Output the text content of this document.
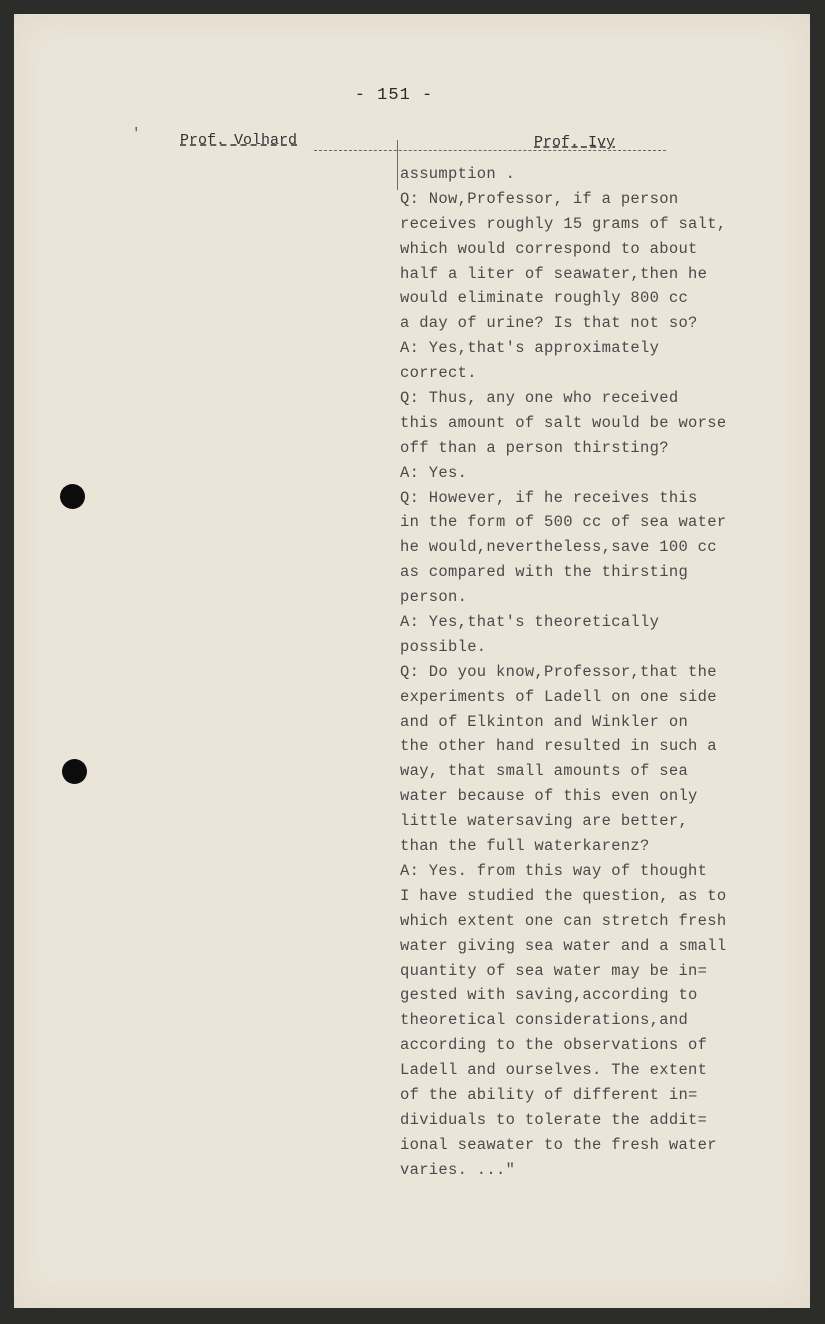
- 151 -
'	Prof. Volhard	Prof. Ivy
assumption .
Q: Now,Professor, if a person
receives roughly 15 grams of salt,
which would correspond to about
half a liter of seawater,then he
would eliminate roughly 800 cc
a day of urine? Is that not so?
A: Yes,that's approximately
correct.
Q: Thus, any one who received
this amount of salt would be worse
off than a person thirsting?
A: Yes.
Q: However, if he receives this
in the form of 500 cc of sea water
he would,nevertheless,save 100 cc
as compared with the thirsting
person.
A: Yes,that's theoretically
possible.
Q: Do you know,Professor,that the
experiments of Ladell on one side
and of Elkinton and Winkler on
the other hand resulted in such a
way, that small amounts of sea
water because of this even only
little watersaving are better,
than the full waterkarenz?
A: Yes. from this way of thought
I have studied the question, as to
which extent one can stretch fresh
water giving sea water and a small
quantity of sea water may be in=
gested with saving,according to
theoretical considerations,and
according to the observations of
Ladell and ourselves. The extent
of the ability of different in=
dividuals to tolerate the addit=
ional seawater to the fresh water
varies. ..."
